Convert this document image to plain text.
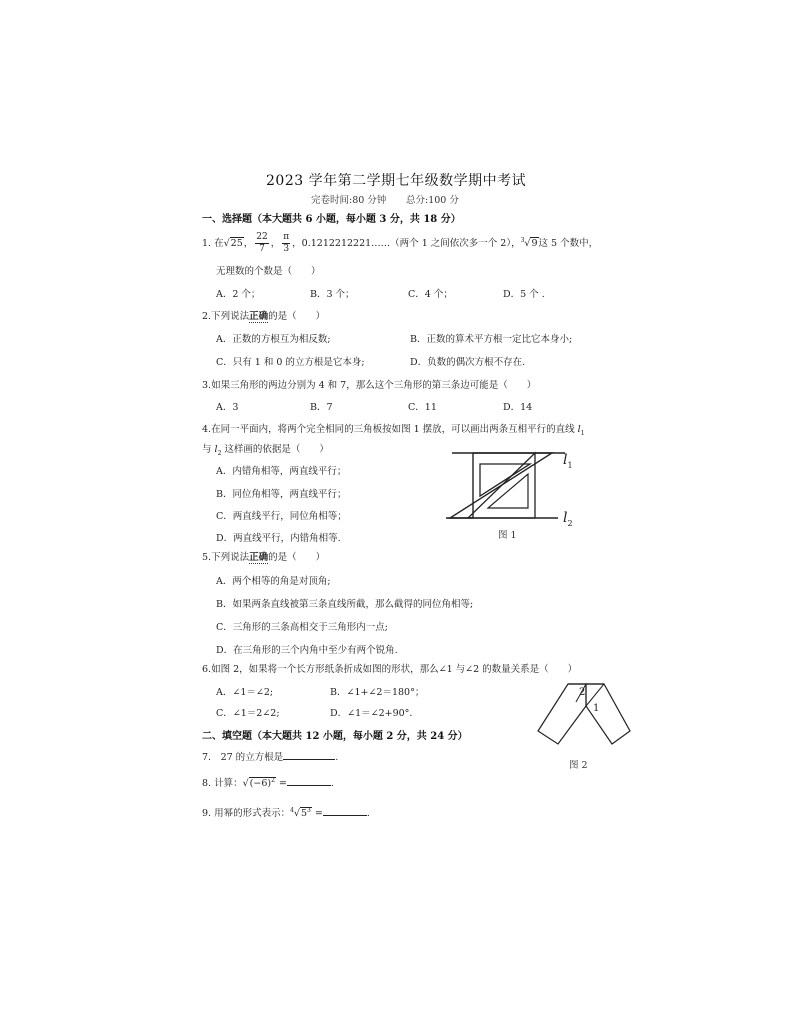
2023 学年第二学期七年级数学期中考试
完卷时间:80 分钟 总分:100 分
一、选择题（本大题共 6 小题，每小题 3 分，共 18 分）
1. 在√25， $\frac{22}{7}$ ， $\frac{\pi}{3}$ ，0.1212212221……（两个 1 之间依次多一个 2），$^3$√9这 5 个数中，
无理数的个数是（　　）
A．2 个；	B．3 个；	C．4 个；	D．5 个 .
2.下列说法正确的是（　　）
A．正数的方根互为相反数;	B．正数的算术平方根一定比它本身小;
C．只有 1 和 0 的立方根是它本身;	D．负数的偶次方根不存在.
3.如果三角形的两边分别为 4 和 7，那么这个三角形的第三条边可能是（　　）
A．3	B．7	C．11	D．14
4.在同一平面内，将两个完全相同的三角板按如图 1 摆放，可以画出两条互相平行的直线 $l_1$
与 $l_2$ 这样画的依据是（　　）
A．内错角相等，两直线平行；
B．同位角相等，两直线平行；
C．两直线平行，同位角相等；
D．两直线平行，内错角相等.
$l_1$
$l_2$
图 1
5.下列说法正确的是（　　）
A．两个相等的角是对顶角;
B．如果两条直线被第三条直线所截，那么截得的同位角相等;
C．三角形的三条高相交于三角形内一点;
D．在三角形的三个内角中至少有两个锐角.
6.如图 2，如果将一个长方形纸条折成如图的形状，那么∠1 与∠2 的数量关系是（　　）
A．∠1＝∠2;	B．∠1+∠2＝180°；
C．∠1＝2∠2;	D．∠1＝∠2+90°．
2
1
图 2
二、填空题（本大题共 12 小题，每小题 2 分，共 24 分）
7.　27 的立方根是	.
8. 计算：$√(-6)^2$ =	.
9. 用幂的形式表示：$^4√5^3$ =	.
